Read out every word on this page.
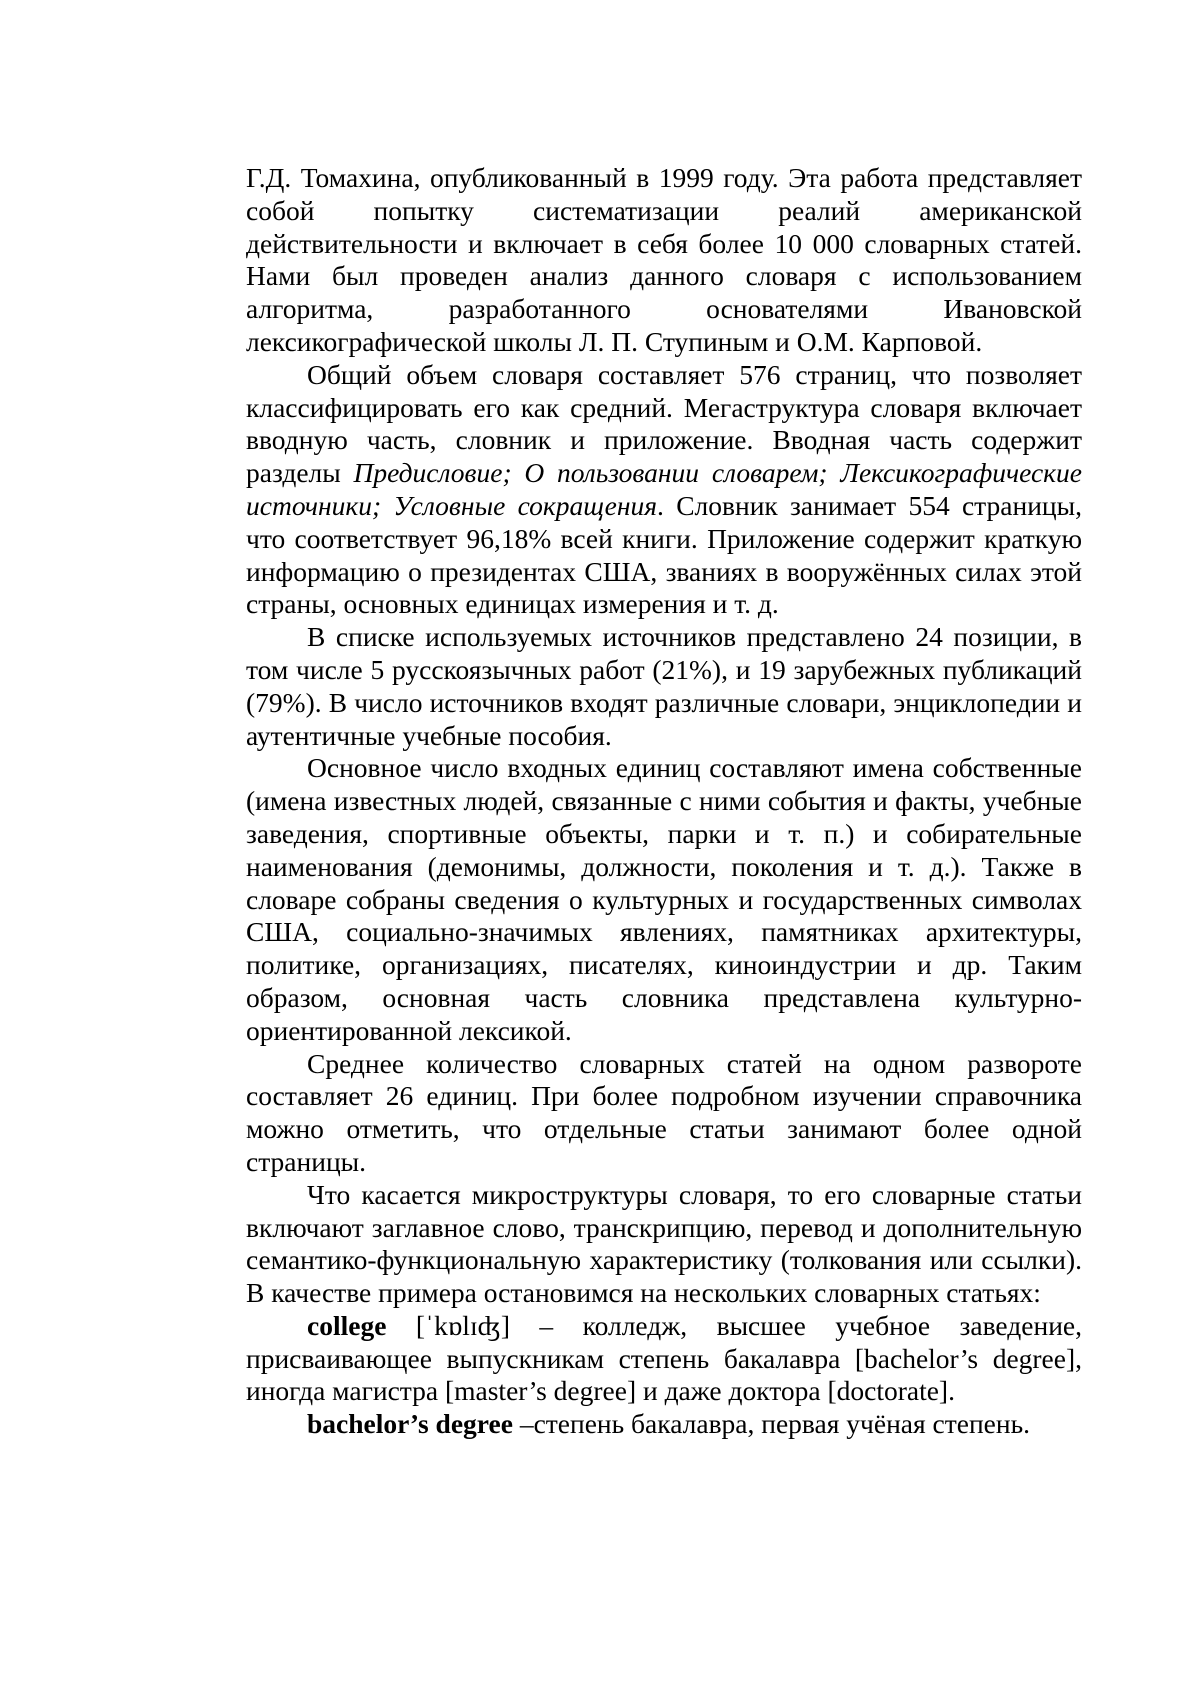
Г.Д. Томахина, опубликованный в 1999 году. Эта работа представляет собой попытку систематизации реалий американской действительности и включает в себя более 10 000 словарных статей. Нами был проведен анализ данного словаря с использованием алгоритма, разработанного основателями Ивановской лексикографической школы Л. П. Ступиным и О.М. Карповой.

Общий объем словаря составляет 576 страниц, что позволяет классифицировать его как средний. Мегаструктура словаря включает вводную часть, словник и приложение. Вводная часть содержит разделы Предисловие; О пользовании словарем; Лексикографические источники; Условные сокращения. Словник занимает 554 страницы, что соответствует 96,18% всей книги. Приложение содержит краткую информацию о президентах США, званиях в вооружённых силах этой страны, основных единицах измерения и т. д.

В списке используемых источников представлено 24 позиции, в том числе 5 русскоязычных работ (21%), и 19 зарубежных публикаций (79%). В число источников входят различные словари, энциклопедии и аутентичные учебные пособия.

Основное число входных единиц составляют имена собственные (имена известных людей, связанные с ними события и факты, учебные заведения, спортивные объекты, парки и т. п.) и собирательные наименования (демонимы, должности, поколения и т. д.). Также в словаре собраны сведения о культурных и государственных символах США, социально-значимых явлениях, памятниках архитектуры, политике, организациях, писателях, киноиндустрии и др. Таким образом, основная часть словника представлена культурно-ориентированной лексикой.

Среднее количество словарных статей на одном развороте составляет 26 единиц. При более подробном изучении справочника можно отметить, что отдельные статьи занимают более одной страницы.

Что касается микроструктуры словаря, то его словарные статьи включают заглавное слово, транскрипцию, перевод и дополнительную семантико-функциональную характеристику (толкования или ссылки). В качестве примера остановимся на нескольких словарных статьях:

college [ˈkɒlɪʤ] – колледж, высшее учебное заведение, присваивающее выпускникам степень бакалавра [bachelor’s degree], иногда магистра [master’s degree] и даже доктора [doctorate].

bachelor’s degree –степень бакалавра, первая учёная степень.
